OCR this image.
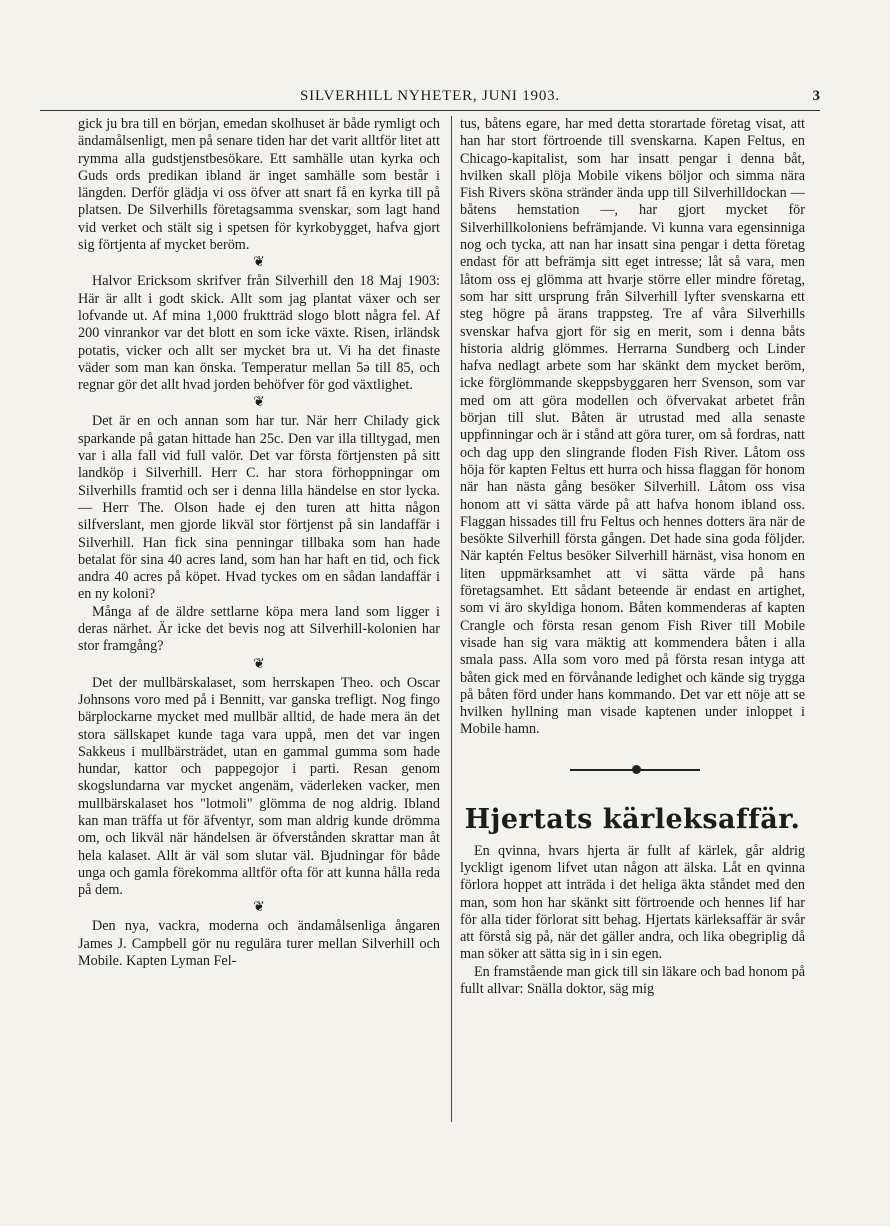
SILVERHILL NYHETER, JUNI 1903.	3

gick ju bra till en början, emedan skolhuset är både rymligt och ändamålsenligt, men på senare tiden har det varit alltför litet att rymma alla gudstjenstbesökare. Ett samhälle utan kyrka och Guds ords predikan ibland är inget samhälle som består i längden. Derför glädja vi oss öfver att snart få en kyrka till på platsen. De Silverhills företagsamma svenskar, som lagt hand vid verket och stält sig i spetsen för kyrkobygget, hafva gjort sig förtjenta af mycket beröm.

❦

Halvor Ericksom skrifver från Silverhill den 18 Maj 1903: Här är allt i godt skick. Allt som jag plantat växer och ser lofvande ut. Af mina 1,000 fruktträd slogo blott några fel. Af 200 vinrankor var det blott en som icke växte. Risen, irländsk potatis, vicker och allt ser mycket bra ut. Vi ha det finaste väder som man kan önska. Temperatur mellan 5ə till 85, och regnar gör det allt hvad jorden behöfver för god växtlighet.

❦

Det är en och annan som har tur. När herr Chilady gick sparkande på gatan hittade han 25c. Den var illa tilltygad, men var i alla fall vid full valör. Det var första förtjensten på sitt landköp i Silverhill. Herr C. har stora förhoppningar om Silverhills framtid och ser i denna lilla händelse en stor lycka. — Herr The. Olson hade ej den turen att hitta någon silfverslant, men gjorde likväl stor förtjenst på sin landaffär i Silverhill. Han fick sina penningar tillbaka som han hade betalat för sina 40 acres land, som han har haft en tid, och fick andra 40 acres på köpet. Hvad tyckes om en sådan landaffär i en ny koloni?

Många af de äldre settlarne köpa mera land som ligger i deras närhet. Är icke det bevis nog att Silverhill-kolonien har stor framgång?

❦

Det der mullbärskalaset, som herrskapen Theo. och Oscar Johnsons voro med på i Bennitt, var ganska trefligt. Nog fingo bärplockarne mycket med mullbär alltid, de hade mera än det stora sällskapet kunde taga vara uppå, men det var ingen Sakkeus i mullbärsträdet, utan en gammal gumma som hade hundar, kattor och pappegojor i parti. Resan genom skogslundarna var mycket angenäm, väderleken vacker, men mullbärskalaset hos "lotmoli" glömma de nog aldrig. Ibland kan man träffa ut för äfventyr, som man aldrig kunde drömma om, och likväl när händelsen är öfverstånden skrattar man åt hela kalaset. Allt är väl som slutar väl. Bjudningar för både unga och gamla förekomma alltför ofta för att kunna hålla reda på dem.

❦

Den nya, vackra, moderna och ändamålsenliga ångaren James J. Campbell gör nu regulära turer mellan Silverhill och Mobile. Kapten Lyman Fel-

tus, båtens egare, har med detta storartade företag visat, att han har stort förtroende till svenskarna. Kapen Feltus, en Chicago-kapitalist, som har insatt pengar i denna båt, hvilken skall plöja Mobile vikens böljor och simma nära Fish Rivers sköna stränder ända upp till Silverhilldockan — båtens hemstation —, har gjort mycket för Silverhillkoloniens befrämjande. Vi kunna vara egensinniga nog och tycka, att nan har insatt sina pengar i detta företag endast för att befrämja sitt eget intresse; låt så vara, men låtom oss ej glömma att hvarje större eller mindre företag, som har sitt ursprung från Silverhill lyfter svenskarna ett steg högre på ärans trappsteg. Tre af våra Silverhills svenskar hafva gjort för sig en merit, som i denna båts historia aldrig glömmes. Herrarna Sundberg och Linder hafva nedlagt arbete som har skänkt dem mycket beröm, icke förglömmande skeppsbyggaren herr Svenson, som var med om att göra modellen och öfvervakat arbetet från början till slut. Båten är utrustad med alla senaste uppfinningar och är i stånd att göra turer, om så fordras, natt och dag upp den slingrande floden Fish River. Låtom oss höja för kapten Feltus ett hurra och hissa flaggan för honom när han nästa gång besöker Silverhill. Låtom oss visa honom att vi sätta värde på att hafva honom ibland oss. Flaggan hissades till fru Feltus och hennes dotters ära när de besökte Silverhill första gången. Det hade sina goda följder. När kaptén Feltus besöker Silverhill härnäst, visa honom en liten uppmärksamhet att vi sätta värde på hans företagsamhet. Ett sådant beteende är endast en artighet, som vi äro skyldiga honom. Båten kommenderas af kapten Crangle och första resan genom Fish River till Mobile visade han sig vara mäktig att kommendera båten i alla smala pass. Alla som voro med på första resan intyga att båten gick med en förvånande ledighet och kände sig trygga på båten förd under hans kommando. Det var ett nöje att se hvilken hyllning man visade kaptenen under inloppet i Mobile hamn.

Hjertats kärleksaffär.

En qvinna, hvars hjerta är fullt af kärlek, går aldrig lyckligt igenom lifvet utan någon att älska. Låt en qvinna förlora hoppet att inträda i det heliga äkta ståndet med den man, som hon har skänkt sitt förtroende och hennes lif har för alla tider förlorat sitt behag. Hjertats kärleksaffär är svår att förstå sig på, när det gäller andra, och lika obegriplig då man söker att sätta sig in i sin egen.

En framstående man gick till sin läkare och bad honom på fullt allvar: Snälla doktor, säg mig
